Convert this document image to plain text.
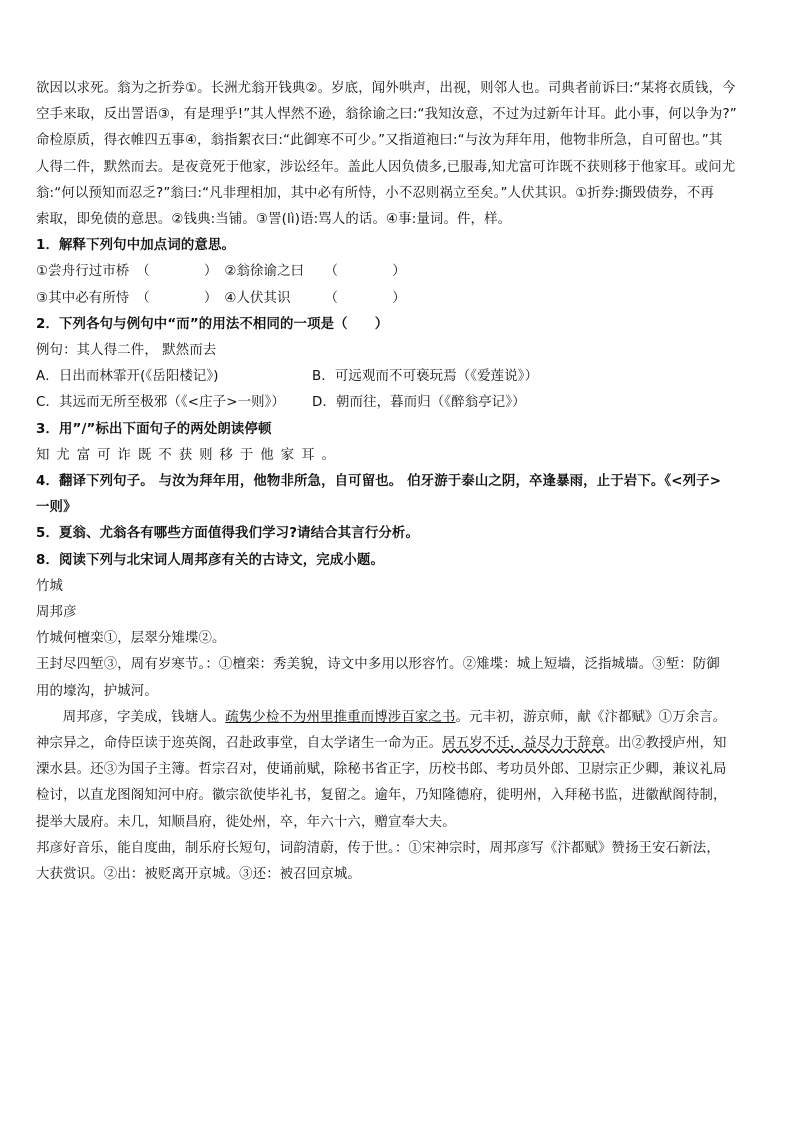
欲因以求死。翁为之折券①。长洲尤翁开钱典②。岁底，闻外哄声，出视，则邻人也。司典者前诉曰:“某将衣质钱，今

空手来取，反出詈语③，有是理乎!”其人悍然不逊，翁徐谕之曰:“我知汝意，不过为过新年计耳。此小事，何以争为?”

命检原质，得衣帷四五事④，翁指絮衣曰:“此御寒不可少。”又指道袍曰:“与汝为拜年用，他物非所急，自可留也。”其

人得二件，默然而去。是夜竟死于他家，涉讼经年。盖此人因负债多,已服毒,知尤富可诈既不获则移于他家耳。或问尤

翁:“何以预知而忍乏?”翁曰:“凡非理相加，其中必有所恃，小不忍则祸立至矣。”人伏其识。①折券:撕毁债券，不再

索取，即免债的意思。②钱典:当铺。③詈(lì)语:骂人的话。④事:量词。件，样。

1．解释下列句中加点词的意思。

①尝舟行过市桥　（　　　　）　②翁徐谕之曰　　（　　　　）

③其中必有所恃　（　　　　）　④人伏其识　　　（　　　　）

2．下列各句与例句中“而”的用法不相同的一项是（　　）

例句：其人得二件， 默然而去

A．日出而林霏开(《岳阳楼记》)	B．可远观而不可亵玩焉（《爱莲说》）

C．其远而无所至极邪（《<庄子>一则》） D．朝而往，暮而归（《醉翁亭记》）

3．用”/”标出下面句子的两处朗读停顿

知尤富可诈既不获则移于他家耳。

4．翻译下列句子。 与汝为拜年用，他物非所急，自可留也。 伯牙游于泰山之阴，卒逢暴雨，止于岩下。《<列子>

一则》

5．夏翁、尤翁各有哪些方面值得我们学习?请结合其言行分析。

8．阅读下列与北宋词人周邦彦有关的古诗文，完成小题。

竹城

周邦彦

竹城何檀栾①，层翠分雉堞②。

王封尽四堑③，周有岁寒节。：①檀栾：秀美貌，诗文中多用以形容竹。②雉堞：城上短墙，泛指城墙。③堑：防御

用的壕沟，护城河。

周邦彦，字美成，钱塘人。疏隽少检不为州里推重而博涉百家之书。元丰初，游京师，献《汴都赋》①万余言。

神宗异之，命侍臣读于迩英阁，召赴政事堂，自太学诸生一命为正。居五岁不迁，益尽力于辞章。出②教授庐州，知

溧水县。还③为国子主簿。哲宗召对，使诵前赋，除秘书省正字，历校书郎、考功员外郎、卫尉宗正少卿，兼议礼局

检讨，以直龙图阁知河中府。徽宗欲使毕礼书，复留之。逾年，乃知隆德府，徙明州，入拜秘书监，进徽猷阁待制，

提举大晟府。未几，知顺昌府，徙处州，卒，年六十六，赠宣奉大夫。

邦彦好音乐，能自度曲，制乐府长短句，词韵清蔚，传于世。：①宋神宗时，周邦彦写《汴都赋》赞扬王安石新法，

大获赏识。②出：被贬离开京城。③还：被召回京城。
